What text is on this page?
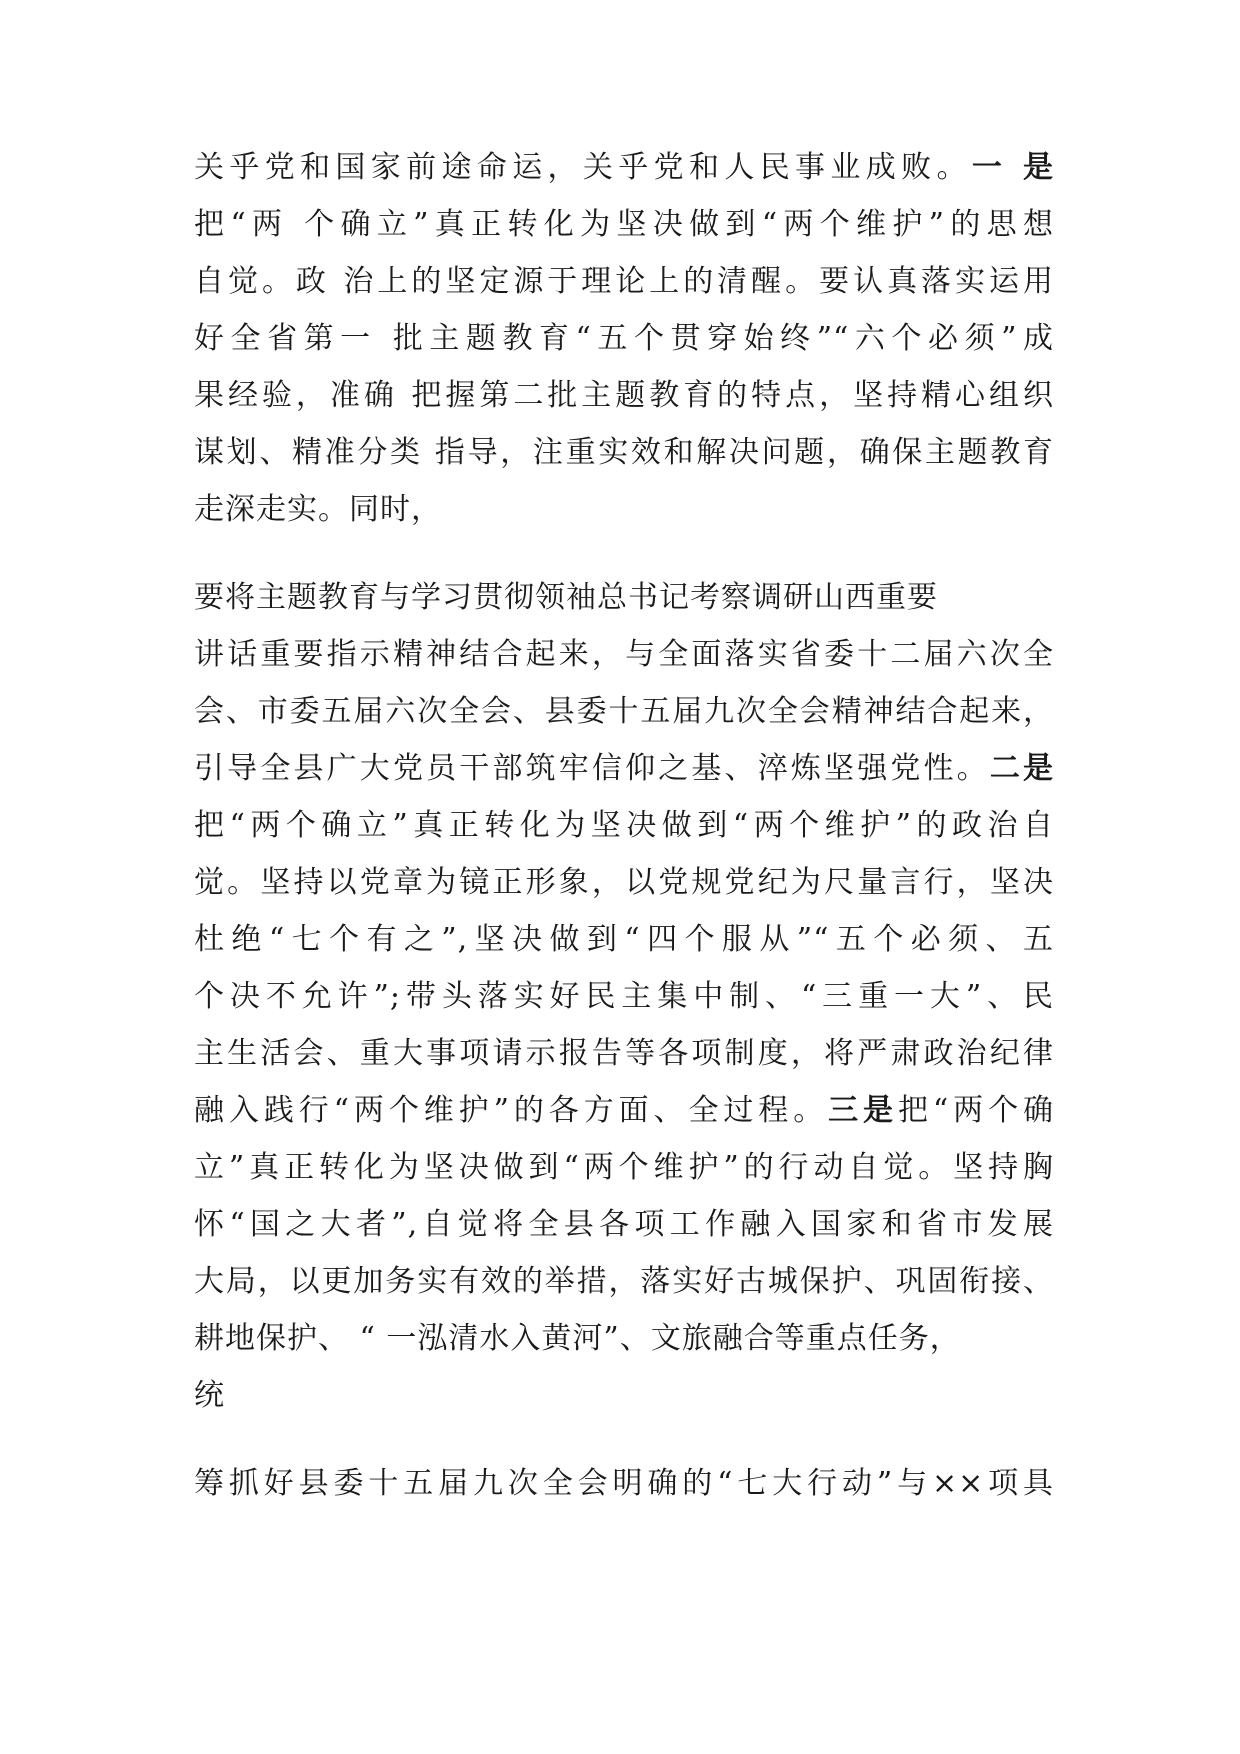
关乎党和国家前途命运，关乎党和人民事业成败。一 是
把“两 个确立”真正转化为坚决做到“两个维护”的思想
自觉。政 治上的坚定源于理论上的清醒。要认真落实运用
好全省第一 批主题教育“五个贯穿始终”“六个必须”成
果经验，准确 把握第二批主题教育的特点，坚持精心组织
谋划、精准分类 指导，注重实效和解决问题，确保主题教育
走深走实。同时，
要将主题教育与学习贯彻领袖总书记考察调研山西重要
讲话重要指示精神结合起来，与全面落实省委十二届六次全
会、市委五届六次全会、县委十五届九次全会精神结合起来，
引导全县广大党员干部筑牢信仰之基、淬炼坚强党性。二是
把“两个确立”真正转化为坚决做到“两个维护”的政治自
觉。坚持以党章为镜正形象，以党规党纪为尺量言行，坚决
杜绝“七个有之”,坚决做到“四个服从”“五个必须、五
个决不允许”;带头落实好民主集中制、“三重一大”、民
主生活会、重大事项请示报告等各项制度，将严肃政治纪律
融入践行“两个维护”的各方面、全过程。三是把“两个确
立”真正转化为坚决做到“两个维护”的行动自觉。坚持胸
怀“国之大者”,自觉将全县各项工作融入国家和省市发展
大局，以更加务实有效的举措，落实好古城保护、巩固衔接、
耕地保护、 “ 一泓清水入黄河”、文旅融合等重点任务，
统
筹抓好县委十五届九次全会明确的“七大行动”与××项具
